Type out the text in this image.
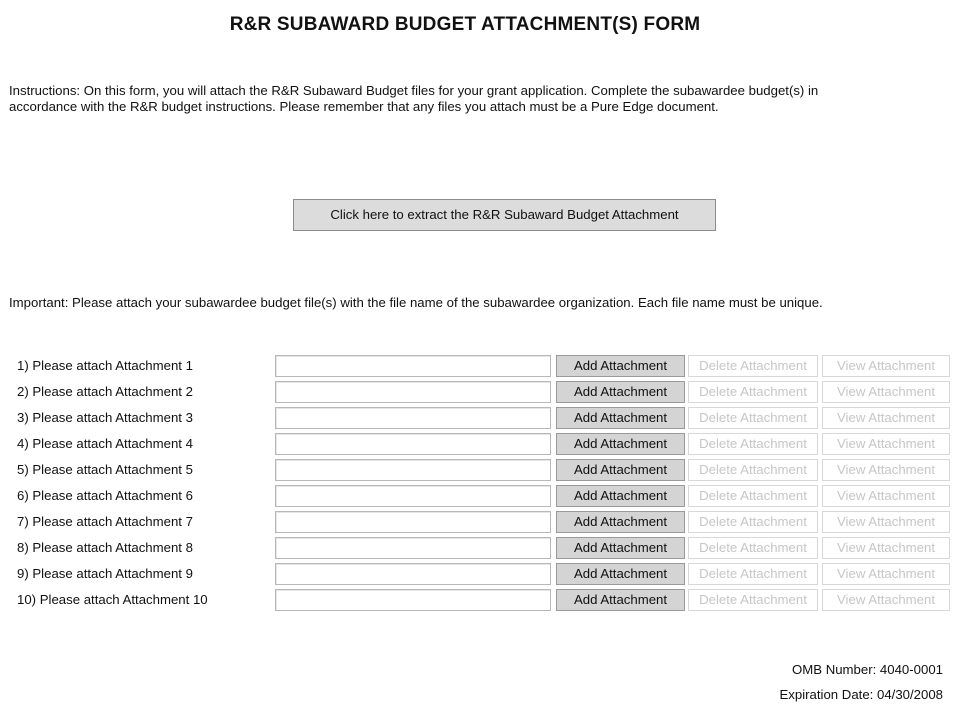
R&R SUBAWARD BUDGET ATTACHMENT(S) FORM
Instructions: On this form, you will attach the R&R Subaward Budget files for your grant application. Complete the subawardee budget(s) in
accordance with the R&R budget instructions. Please remember that any files you attach must be a Pure Edge document.
Click here to extract the R&R Subaward Budget Attachment
Important: Please attach your subawardee budget file(s) with the file name of the subawardee organization. Each file name must be unique.
1) Please attach Attachment 1	Add Attachment	Delete Attachment	View Attachment
2) Please attach Attachment 2	Add Attachment	Delete Attachment	View Attachment
3) Please attach Attachment 3	Add Attachment	Delete Attachment	View Attachment
4) Please attach Attachment 4	Add Attachment	Delete Attachment	View Attachment
5) Please attach Attachment 5	Add Attachment	Delete Attachment	View Attachment
6) Please attach Attachment 6	Add Attachment	Delete Attachment	View Attachment
7) Please attach Attachment 7	Add Attachment	Delete Attachment	View Attachment
8) Please attach Attachment 8	Add Attachment	Delete Attachment	View Attachment
9) Please attach Attachment 9	Add Attachment	Delete Attachment	View Attachment
10) Please attach Attachment 10	Add Attachment	Delete Attachment	View Attachment
OMB Number: 4040-0001
Expiration Date: 04/30/2008
